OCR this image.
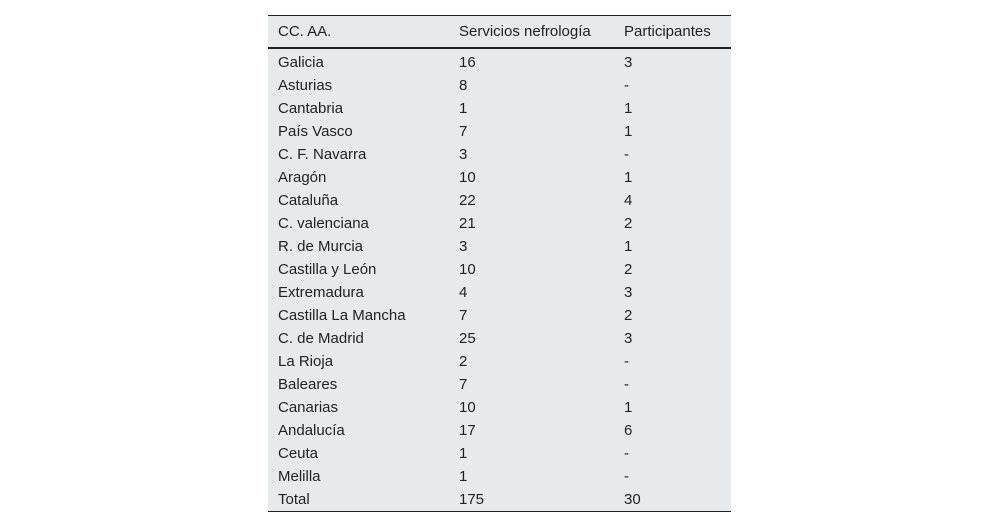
CC. AA.	Servicios nefrología	Participantes
Galicia	16	3
Asturias	8	-
Cantabria	1	1
País Vasco	7	1
C. F. Navarra	3	-
Aragón	10	1
Cataluña	22	4
C. valenciana	21	2
R. de Murcia	3	1
Castilla y León	10	2
Extremadura	4	3
Castilla La Mancha	7	2
C. de Madrid	25	3
La Rioja	2	-
Baleares	7	-
Canarias	10	1
Andalucía	17	6
Ceuta	1	-
Melilla	1	-
Total	175	30
